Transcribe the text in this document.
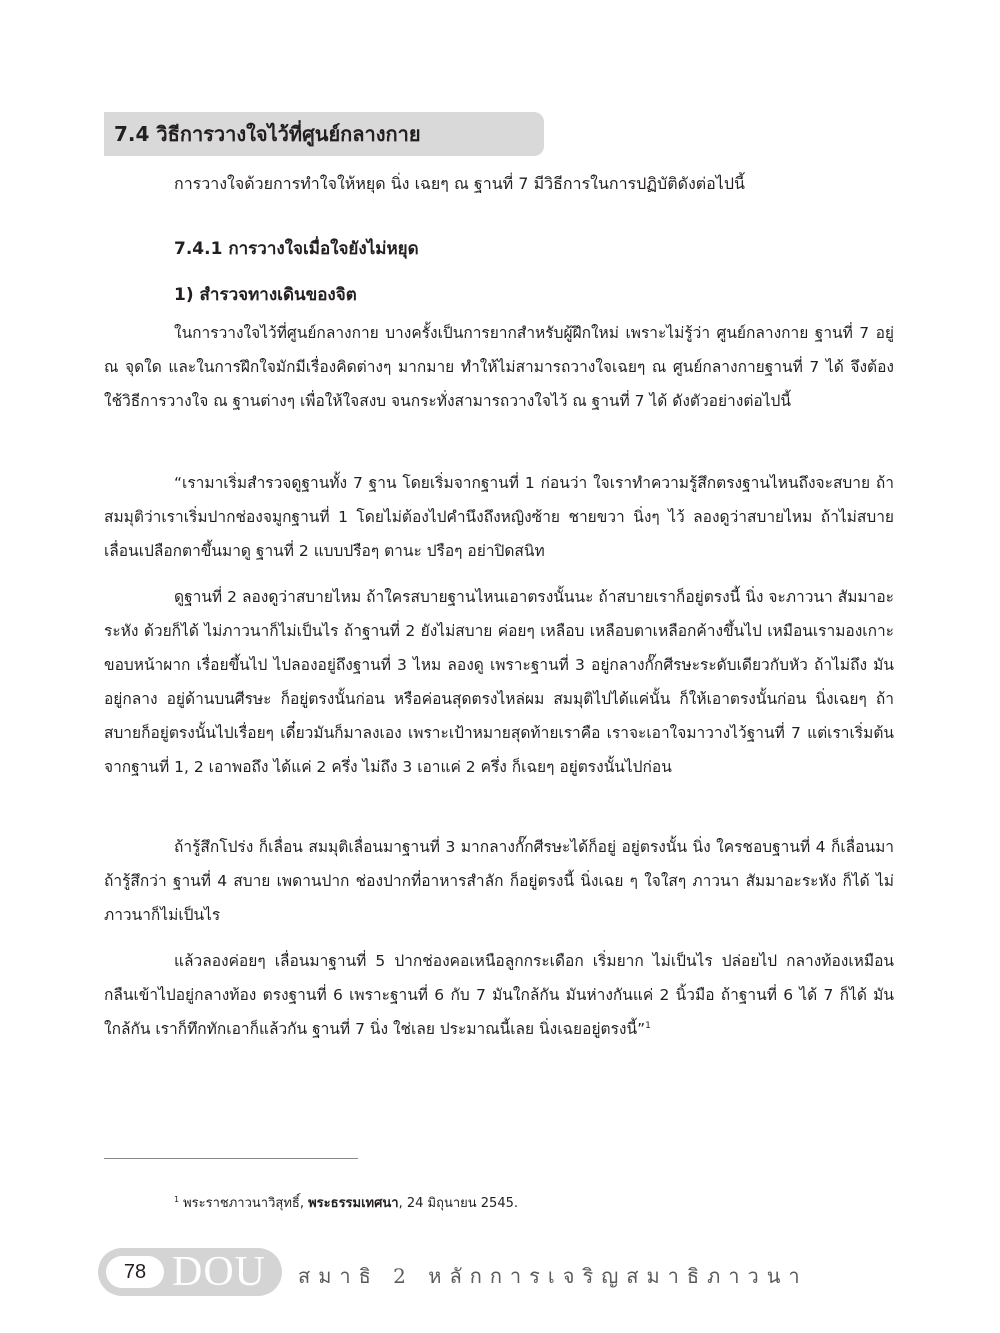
7.4 วิธีการวางใจไว้ที่ศูนย์กลางกาย
การวางใจด้วยการทำใจให้หยุด นิ่ง เฉยๆ ณ ฐานที่ 7 มีวิธีการในการปฏิบัติดังต่อไปนี้
7.4.1 การวางใจเมื่อใจยังไม่หยุด
1) สำรวจทางเดินของจิต

ในการวางใจไว้ที่ศูนย์กลางกาย บางครั้งเป็นการยากสำหรับผู้ฝึกใหม่ เพราะไม่รู้ว่า ศูนย์กลางกาย ฐานที่ 7 อยู่ ณ จุดใด และในการฝึกใจมักมีเรื่องคิดต่างๆ มากมาย ทำให้ไม่สามารถวางใจเฉยๆ ณ ศูนย์กลางกายฐานที่ 7 ได้ จึงต้องใช้วิธีการวางใจ ณ ฐานต่างๆ เพื่อให้ใจสงบ จนกระทั่งสามารถวางใจไว้ ณ ฐานที่ 7 ได้ ดังตัวอย่างต่อไปนี้

“เรามาเริ่มสำรวจดูฐานทั้ง 7 ฐาน โดยเริ่มจากฐานที่ 1 ก่อนว่า ใจเราทำความรู้สึกตรงฐานไหนถึงจะสบาย ถ้าสมมุติว่าเราเริ่มปากช่องจมูกฐานที่ 1 โดยไม่ต้องไปคำนึงถึงหญิงซ้าย ชายขวา นิ่งๆ ไว้ ลองดูว่าสบายไหม ถ้าไม่สบาย เลื่อนเปลือกตาขึ้นมาดู ฐานที่ 2 แบบปรือๆ ตานะ ปรือๆ อย่าปิดสนิท

ดูฐานที่ 2 ลองดูว่าสบายไหม ถ้าใครสบายฐานไหนเอาตรงนั้นนะ ถ้าสบายเราก็อยู่ตรงนี้ นิ่ง จะภาวนา สัมมาอะระหัง ด้วยก็ได้ ไม่ภาวนาก็ไม่เป็นไร ถ้าฐานที่ 2 ยังไม่สบาย ค่อยๆ เหลือบ เหลือบตาเหลือกค้างขึ้นไป เหมือนเรามองเกาะขอบหน้าผาก เรื่อยขึ้นไป ไปลองอยู่ถึงฐานที่ 3 ไหม ลองดู เพราะฐานที่ 3 อยู่กลางกั๊กศีรษะระดับเดียวกับหัว ถ้าไม่ถึง มันอยู่กลาง อยู่ด้านบนศีรษะ ก็อยู่ตรงนั้นก่อน หรือค่อนสุดตรงไหล่ผม สมมุติไปได้แค่นั้น ก็ให้เอาตรงนั้นก่อน นิ่งเฉยๆ ถ้าสบายก็อยู่ตรงนั้นไปเรื่อยๆ เดี๋ยวมันก็มาลงเอง เพราะเป้าหมายสุดท้ายเราคือ เราจะเอาใจมาวางไว้ฐานที่ 7 แต่เราเริ่มต้นจากฐานที่ 1, 2 เอาพอถึง ได้แค่ 2 ครึ่ง ไม่ถึง 3 เอาแค่ 2 ครึ่ง ก็เฉยๆ อยู่ตรงนั้นไปก่อน

ถ้ารู้สึกโปร่ง ก็เลื่อน สมมุติเลื่อนมาฐานที่ 3 มากลางกั๊กศีรษะได้ก็อยู่ อยู่ตรงนั้น นิ่ง ใครชอบฐานที่ 4 ก็เลื่อนมา ถ้ารู้สึกว่า ฐานที่ 4 สบาย เพดานปาก ช่องปากที่อาหารสำลัก ก็อยู่ตรงนี้ นิ่งเฉย ๆ ใจใสๆ ภาวนา สัมมาอะระหัง ก็ได้ ไม่ภาวนาก็ไม่เป็นไร

แล้วลองค่อยๆ เลื่อนมาฐานที่ 5 ปากช่องคอเหนือลูกกระเดือก เริ่มยาก ไม่เป็นไร ปล่อยไป กลางท้องเหมือนกลืนเข้าไปอยู่กลางท้อง ตรงฐานที่ 6 เพราะฐานที่ 6 กับ 7 มันใกล้กัน มันห่างกันแค่ 2 นิ้วมือ ถ้าฐานที่ 6 ได้ 7 ก็ได้ มันใกล้กัน เราก็ทึกทักเอาก็แล้วกัน ฐานที่ 7 นิ่ง ใช่เลย ประมาณนี้เลย นิ่งเฉยอยู่ตรงนี้”$^1$

$^1$ พระราชภาวนาวิสุทธิ์, พระธรรมเทศนา, 24 มิถุนายน 2545.
78 DOU สมาธิ 2 หลักการเจริญสมาธิภาวนา
